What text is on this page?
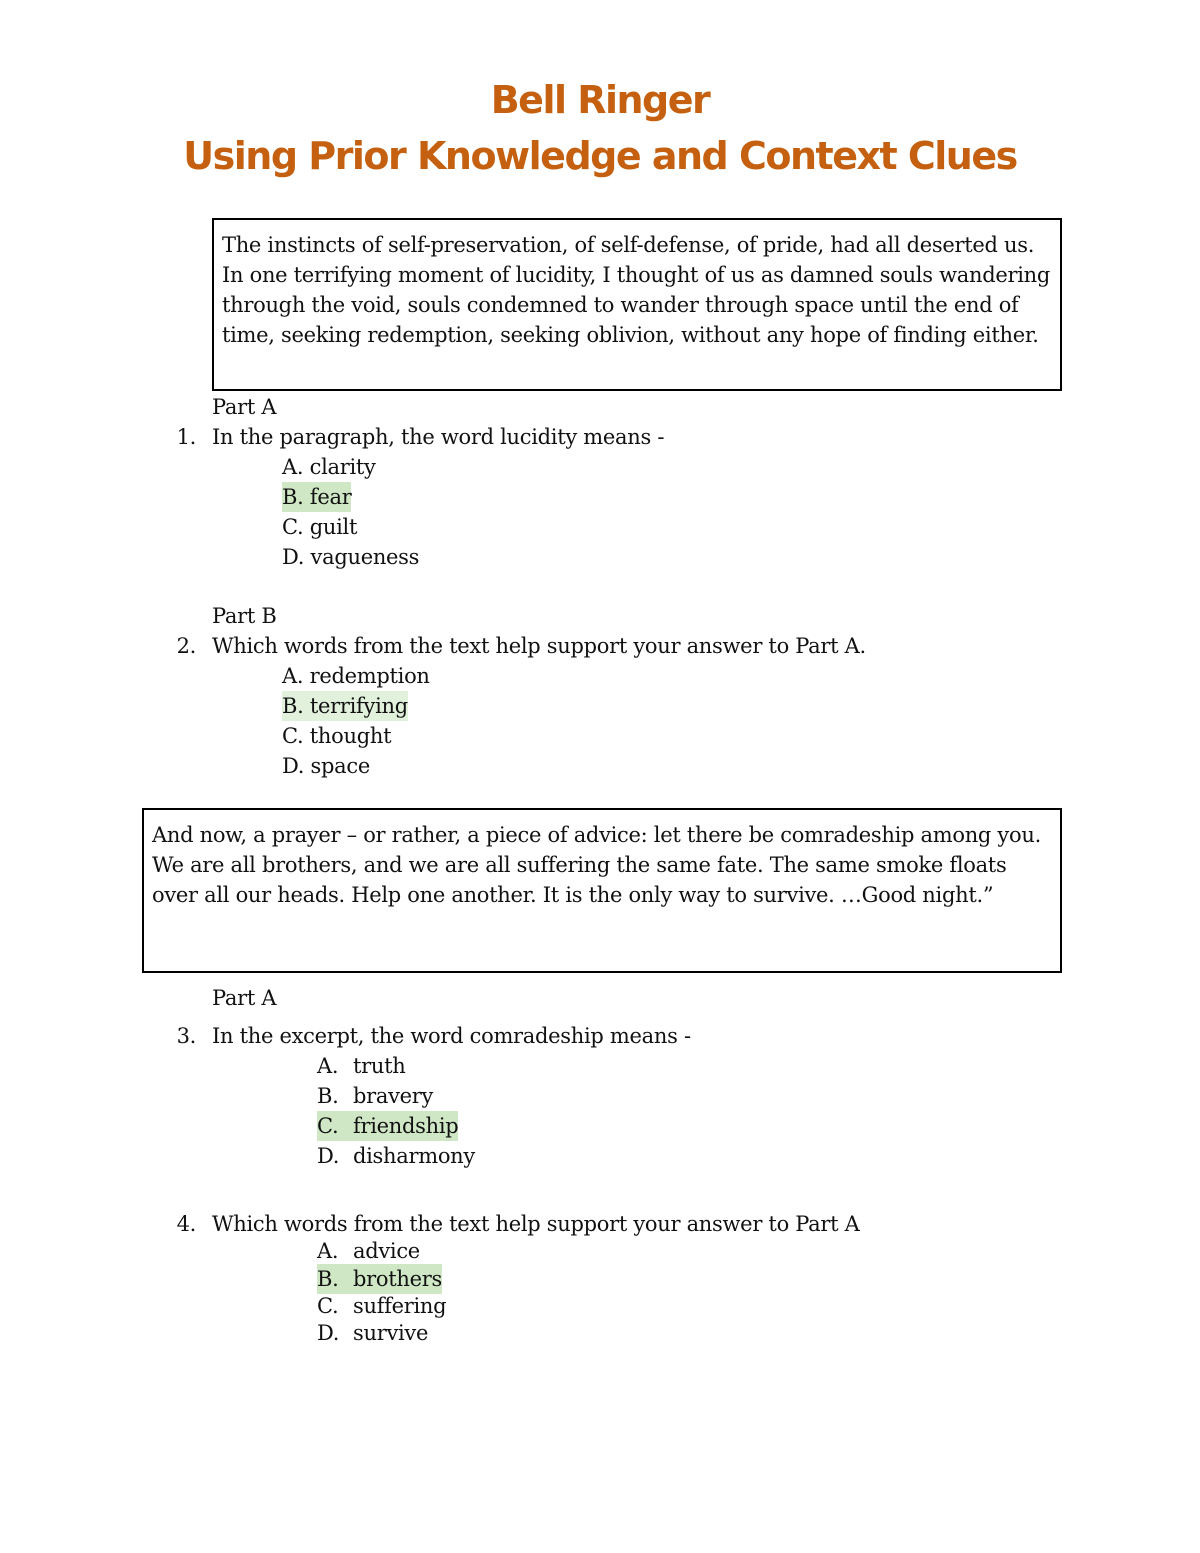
Bell Ringer
Using Prior Knowledge and Context Clues
The instincts of self-preservation, of self-defense, of pride, had all deserted us. In one terrifying moment of lucidity, I thought of us as damned souls wandering through the void, souls condemned to wander through space until the end of time, seeking redemption, seeking oblivion, without any hope of finding either.
Part A
1. In the paragraph, the word lucidity means -
A. clarity
B. fear
C. guilt
D. vagueness
Part B
2. Which words from the text help support your answer to Part A.
A. redemption
B. terrifying
C. thought
D. space
And now, a prayer – or rather, a piece of advice: let there be comradeship among you. We are all brothers, and we are all suffering the same fate. The same smoke floats over all our heads. Help one another. It is the only way to survive. …Good night.”
Part A
3. In the excerpt, the word comradeship means -
A. truth
B. bravery
C. friendship
D. disharmony
4. Which words from the text help support your answer to Part A
A. advice
B. brothers
C. suffering
D. survive
